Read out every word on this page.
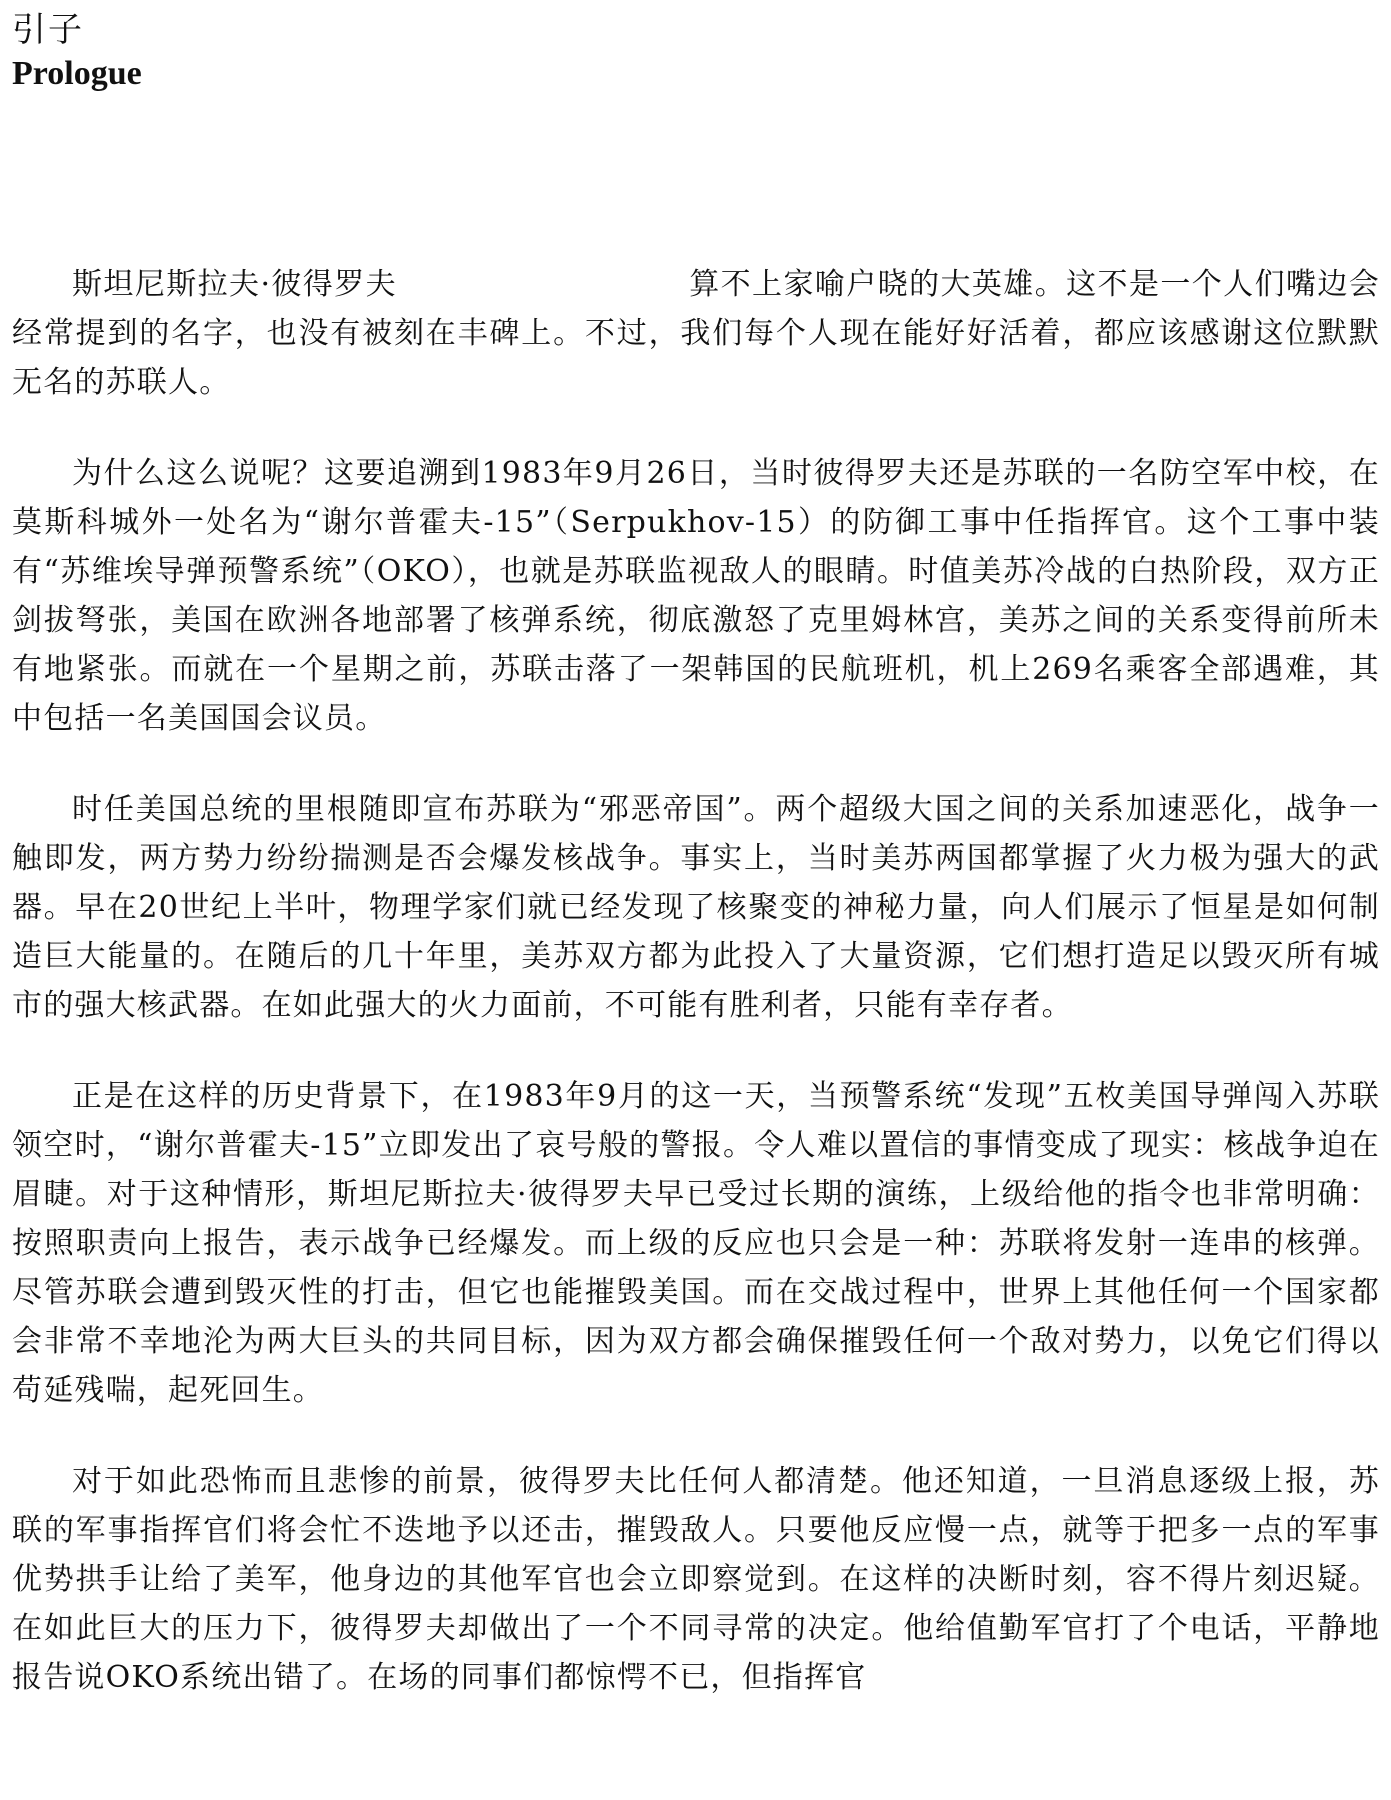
引子
Prologue

斯坦尼斯拉夫·彼得罗夫	算不上家喻户晓的大英雄。这不是一个人们嘴边会经常提到的名字，也没有被刻在丰碑上。不过，我们每个人现在能好好活着，都应该感谢这位默默无名的苏联人。

为什么这么说呢？这要追溯到1983年9月26日，当时彼得罗夫还是苏联的一名防空军中校，在莫斯科城外一处名为“谢尔普霍夫-15”（Serpukhov-15）的防御工事中任指挥官。这个工事中装有“苏维埃导弹预警系统”（OKO），也就是苏联监视敌人的眼睛。时值美苏冷战的白热阶段，双方正剑拔弩张，美国在欧洲各地部署了核弹系统，彻底激怒了克里姆林宫，美苏之间的关系变得前所未有地紧张。而就在一个星期之前，苏联击落了一架韩国的民航班机，机上269名乘客全部遇难，其中包括一名美国国会议员。

时任美国总统的里根随即宣布苏联为“邪恶帝国”。两个超级大国之间的关系加速恶化，战争一触即发，两方势力纷纷揣测是否会爆发核战争。事实上，当时美苏两国都掌握了火力极为强大的武器。早在20世纪上半叶，物理学家们就已经发现了核聚变的神秘力量，向人们展示了恒星是如何制造巨大能量的。在随后的几十年里，美苏双方都为此投入了大量资源，它们想打造足以毁灭所有城市的强大核武器。在如此强大的火力面前，不可能有胜利者，只能有幸存者。

正是在这样的历史背景下，在1983年9月的这一天，当预警系统“发现”五枚美国导弹闯入苏联领空时，“谢尔普霍夫-15”立即发出了哀号般的警报。令人难以置信的事情变成了现实：核战争迫在眉睫。对于这种情形，斯坦尼斯拉夫·彼得罗夫早已受过长期的演练，上级给他的指令也非常明确：按照职责向上报告，表示战争已经爆发。而上级的反应也只会是一种：苏联将发射一连串的核弹。尽管苏联会遭到毁灭性的打击，但它也能摧毁美国。而在交战过程中，世界上其他任何一个国家都会非常不幸地沦为两大巨头的共同目标，因为双方都会确保摧毁任何一个敌对势力，以免它们得以苟延残喘，起死回生。

对于如此恐怖而且悲惨的前景，彼得罗夫比任何人都清楚。他还知道，一旦消息逐级上报，苏联的军事指挥官们将会忙不迭地予以还击，摧毁敌人。只要他反应慢一点，就等于把多一点的军事优势拱手让给了美军，他身边的其他军官也会立即察觉到。在这样的决断时刻，容不得片刻迟疑。在如此巨大的压力下，彼得罗夫却做出了一个不同寻常的决定。他给值勤军官打了个电话，平静地报告说OKO系统出错了。在场的同事们都惊愕不已，但指挥官
